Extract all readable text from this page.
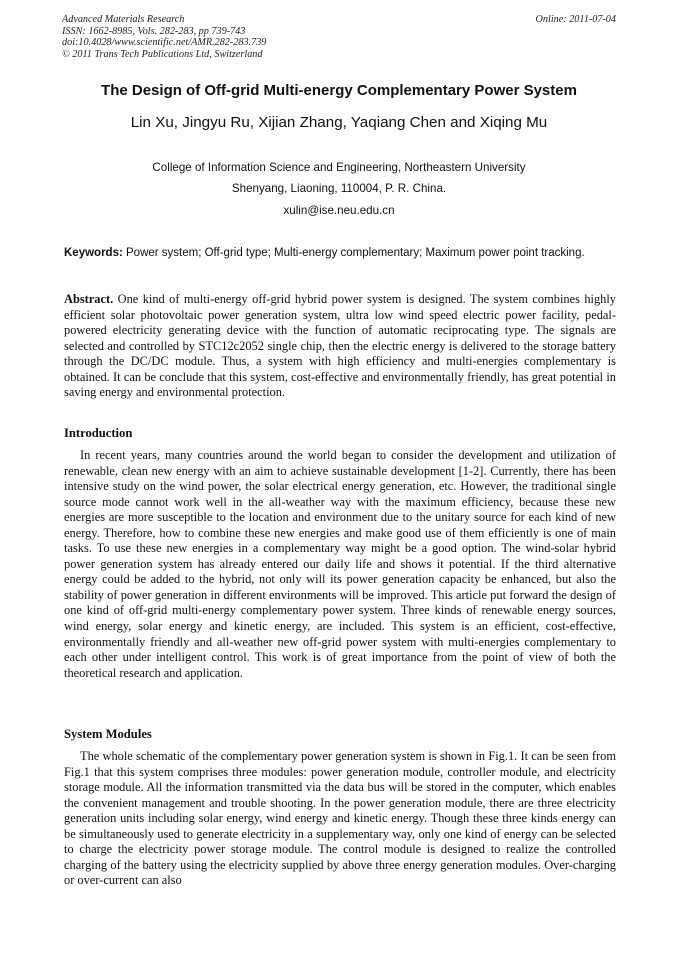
Advanced Materials Research
ISSN: 1662-8985, Vols. 282-283, pp 739-743
doi:10.4028/www.scientific.net/AMR.282-283.739
© 2011 Trans Tech Publications Ltd, Switzerland
Online: 2011-07-04
The Design of Off-grid Multi-energy Complementary Power System
Lin Xu, Jingyu Ru, Xijian Zhang, Yaqiang Chen and Xiqing Mu
College of Information Science and Engineering, Northeastern University
Shenyang, Liaoning, 110004, P. R. China.
xulin@ise.neu.edu.cn
Keywords: Power system; Off-grid type; Multi-energy complementary; Maximum power point tracking.

Abstract. One kind of multi-energy off-grid hybrid power system is designed. The system combines highly efficient solar photovoltaic power generation system, ultra low wind speed electric power facility, pedal-powered electricity generating device with the function of automatic reciprocating type. The signals are selected and controlled by STC12c2052 single chip, then the electric energy is delivered to the storage battery through the DC/DC module. Thus, a system with high efficiency and multi-energies complementary is obtained. It can be conclude that this system, cost-effective and environmentally friendly, has great potential in saving energy and environmental protection.

Introduction

In recent years, many countries around the world began to consider the development and utilization of renewable, clean new energy with an aim to achieve sustainable development [1-2]. Currently, there has been intensive study on the wind power, the solar electrical energy generation, etc. However, the traditional single source mode cannot work well in the all-weather way with the maximum efficiency, because these new energies are more susceptible to the location and environment due to the unitary source for each kind of new energy. Therefore, how to combine these new energies and make good use of them efficiently is one of main tasks. To use these new energies in a complementary way might be a good option. The wind-solar hybrid power generation system has already entered our daily life and shows it potential. If the third alternative energy could be added to the hybrid, not only will its power generation capacity be enhanced, but also the stability of power generation in different environments will be improved. This article put forward the design of one kind of off-grid multi-energy complementary power system. Three kinds of renewable energy sources, wind energy, solar energy and kinetic energy, are included. This system is an efficient, cost-effective, environmentally friendly and all-weather new off-grid power system with multi-energies complementary to each other under intelligent control. This work is of great importance from the point of view of both the theoretical research and application.

System Modules

The whole schematic of the complementary power generation system is shown in Fig.1. It can be seen from Fig.1 that this system comprises three modules: power generation module, controller module, and electricity storage module. All the information transmitted via the data bus will be stored in the computer, which enables the convenient management and trouble shooting. In the power generation module, there are three electricity generation units including solar energy, wind energy and kinetic energy. Though these three kinds energy can be simultaneously used to generate electricity in a supplementary way, only one kind of energy can be selected to charge the electricity power storage module. The control module is designed to realize the controlled charging of the battery using the electricity supplied by above three energy generation modules. Over-charging or over-current can also
